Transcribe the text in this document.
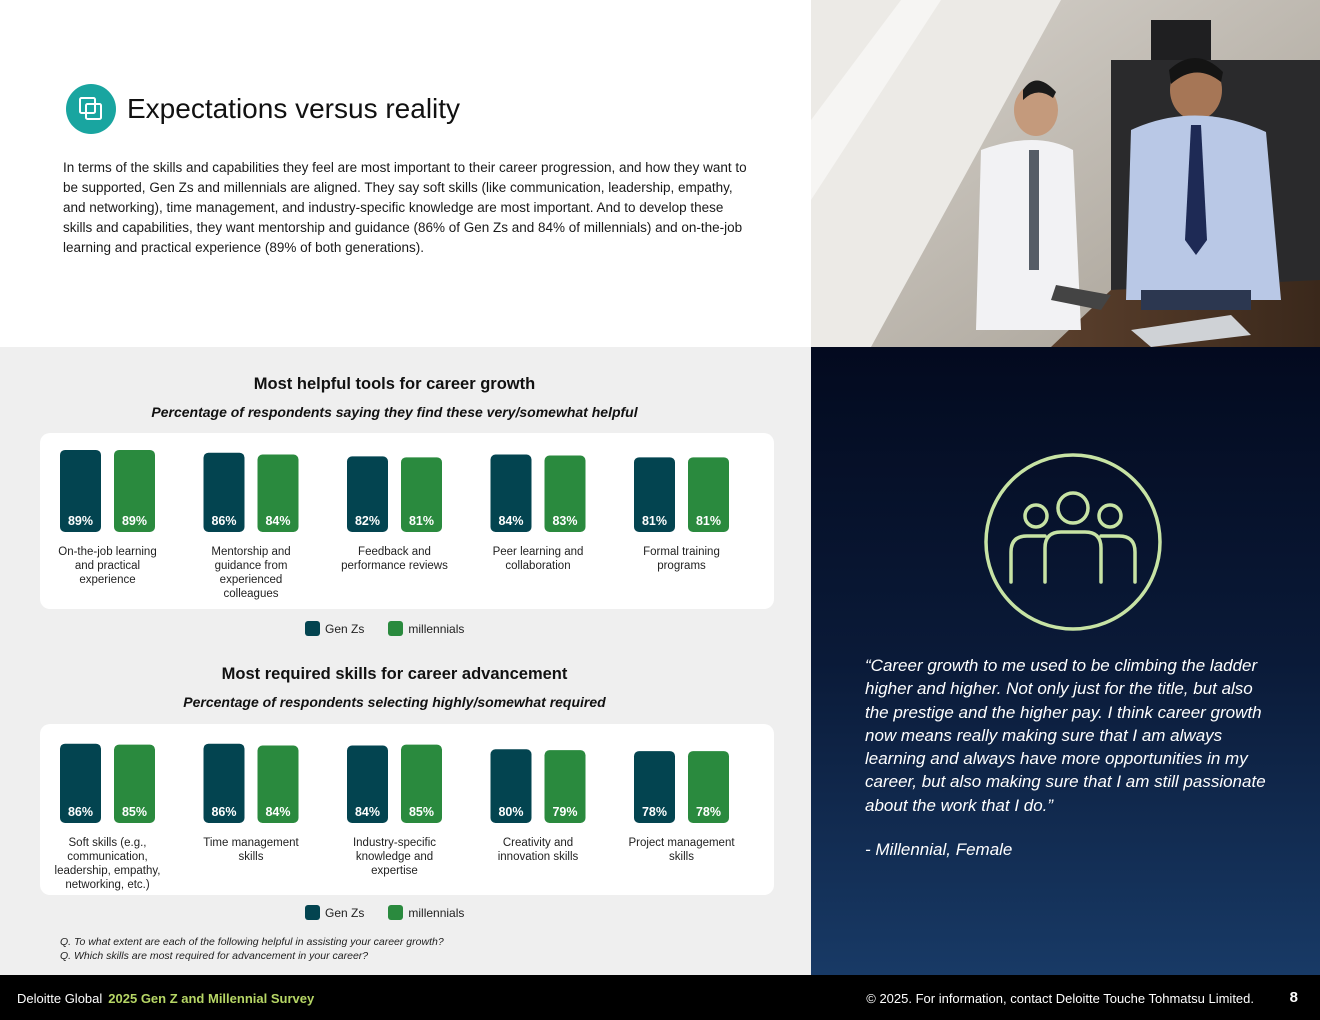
Expectations versus reality

In terms of the skills and capabilities they feel are most important to their career progression, and how they want to be supported, Gen Zs and millennials are aligned. They say soft skills (like communication, leadership, empathy, and networking), time management, and industry-specific knowledge are most important. And to develop these skills and capabilities, they want mentorship and guidance (86% of Gen Zs and 84% of millennials) and on-the-job learning and practical experience (89% of both generations).

Most helpful tools for career growth

Percentage of respondents saying they find these very/somewhat helpful

89% 89%	86% 84%	82% 81%	84% 83%	81% 81%
On-the-job learning and practical experience
Mentorship and guidance from experienced colleagues
Feedback and performance reviews
Peer learning and collaboration
Formal training programs
Gen Zs	millennials
Most required skills for career advancement

Percentage of respondents selecting highly/somewhat required

86% 85%	86% 84%	84% 85%	80% 79%	78% 78%
Soft skills (e.g., communication, leadership, empathy, networking, etc.)
Time management skills
Industry-specific knowledge and expertise
Creativity and innovation skills
Project management skills
Gen Zs	millennials
Q. To what extent are each of the following helpful in assisting your career growth?
Q. Which skills are most required for advancement in your career?

“Career growth to me used to be climbing the ladder higher and higher. Not only just for the title, but also the prestige and the higher pay. I think career growth now means really making sure that I am always learning and always have more opportunities in my career, but also making sure that I am still passionate about the work that I do.”

- Millennial, Female

Deloitte Global 2025 Gen Z and Millennial Survey	© 2025. For information, contact Deloitte Touche Tohmatsu Limited. 8
